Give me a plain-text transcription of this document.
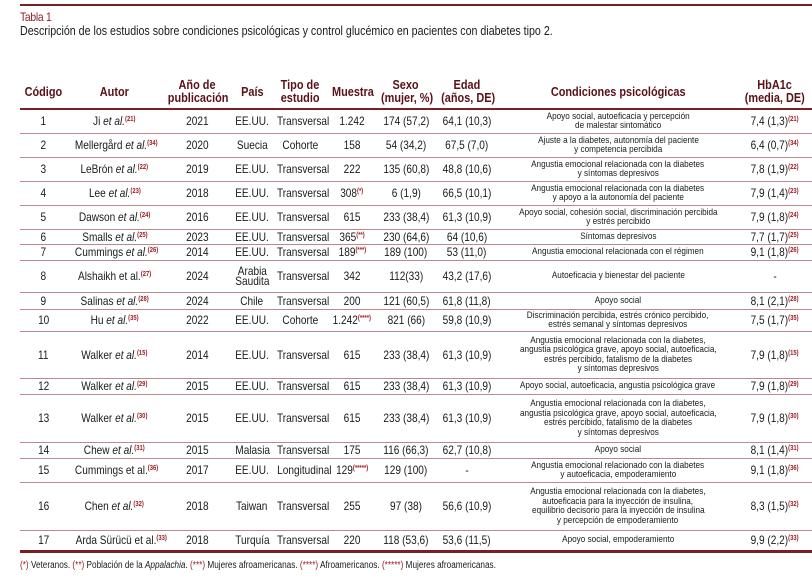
Tabla 1
Descripción de los estudios sobre condiciones psicológicas y control glucémico en pacientes con diabetes tipo 2.
Código	Autor	Año de
publicación	País	Tipo de
estudio	Muestra	Sexo
(mujer, %)	Edad
(años, DE)	Condiciones psicológicas	HbA1c
(media, DE)
1	Ji et al.$^{(21)}$	2021	EE.UU.	Transversal	1.242	174 (57,2)	64,1 (10,3)	Apoyo social, autoeficacia y percepción
de malestar sintomático	7,4 $(1,3)^{(21)}$
2	Mellergård et al.$^{(34)}$	2020	Suecia	Cohorte	158	54 (34,2)	67,5 (7,0)	Ajuste a la diabetes, autonomía del paciente
y competencia percibida	6,4 $(0,7)^{(34)}$
3	LeBrón et al.$^{(22)}$	2019	EE.UU.	Transversal	222	135 (60,8)	48,8 (10,6)	Angustia emocional relacionada con la diabetes
y síntomas depresivos	7,8 $(1,9)^{(22)}$
4	Lee et al.$^{(23)}$	2018	EE.UU.	Transversal	308(*)	6 (1,9)	66,5 (10,1)	Angustia emocional relacionada con la diabetes
y apoyo a la autonomía del paciente	7,9 $(1,4)^{(23)}$
5	Dawson et al.$^{(24)}$	2016	EE.UU.	Transversal	615	233 (38,4)	61,3 (10,9)	Apoyo social, cohesión social, discriminación percibida
y estrés percibido	7,9 $(1,8)^{(24)}$
6	Smalls et al.$^{(25)}$	2023	EE.UU.	Transversal	365(**)	230 (64,6)	64 (10,6)	Síntomas depresivos	7,7 $(1,7)^{(25)}$
7	Cummings et al.$^{(26)}$	2014	EE.UU.	Transversal	189(***)	189 (100)	53 (11,0)	Angustia emocional relacionada con el régimen	9,1 $(1,8)^{(26)}$
8	Alshaikh et al.$^{(27)}$	2024	Arabia
Saudita	Transversal	342	112(33)	43,2 (17,6)	Autoeficacia y bienestar del paciente	-
9	Salinas et al.$^{(28)}$	2024	Chile	Transversal	200	121 (60,5)	61,8 (11,8)	Apoyo social	8,1 $(2,1)^{(28)}$
10	Hu et al.$^{(35)}$	2022	EE.UU.	Cohorte	1.242(****)	821 (66)	59,8 (10,9)	Discriminación percibida, estrés crónico percibido,
estrés semanal y síntomas depresivos	7,5 $(1,7)^{(35)}$
11	Walker et al.$^{(15)}$	2014	EE.UU.	Transversal	615	233 (38,4)	61,3 (10,9)	Angustia emocional relacionada con la diabetes,
angustia psicológica grave, apoyo social, autoeficacia,
estrés percibido, fatalismo de la diabetes
y síntomas depresivos	7,9 $(1,8)^{(15)}$
12	Walker et al.$^{(29)}$	2015	EE.UU.	Transversal	615	233 (38,4)	61,3 (10,9)	Apoyo social, autoeficacia, angustia psicológica grave	7,9 $(1,8)^{(29)}$
13	Walker et al.$^{(30)}$	2015	EE.UU.	Transversal	615	233 (38,4)	61,3 (10,9)	Angustia emocional relacionada con la diabetes,
angustia psicológica grave, apoyo social, autoeficacia,
estrés percibido, fatalismo de la diabetes
y síntomas depresivos	7,9 $(1,8)^{(30)}$
14	Chew et al.$^{(31)}$	2015	Malasia	Transversal	175	116 (66,3)	62,7 (10,8)	Apoyo social	8,1 $(1,4)^{(31)}$
15	Cummings et al.$^{(36)}$	2017	EE.UU.	Longitudinal	129(*****)	129 (100)	-	Angustia emocional relacionado con la diabetes
y autoeficacia, empoderamiento	9,1 $(1,8)^{(36)}$
16	Chen et al.$^{(32)}$	2018	Taiwan	Transversal	255	97 (38)	56,6 (10,9)	Angustia emocional relacionada con la diabetes,
autoeficacia para la inyección de insulina,
equilibrio decisorio para la inyección de insulina
y percepción de empoderamiento	8,3 $(1,5)^{(32)}$
17	Arda Sürücü et al.$^{(33)}$	2018	Turquía	Transversal	220	118 (53,6)	53,6 (11,5)	Apoyo social, empoderamiento	9,9 $(2,2)^{(33)}$
(*) Veteranos. (**) Población de la Appalachia. (***) Mujeres afroamericanas. (****) Afroamericanos. (*****) Mujeres afroamericanas.
